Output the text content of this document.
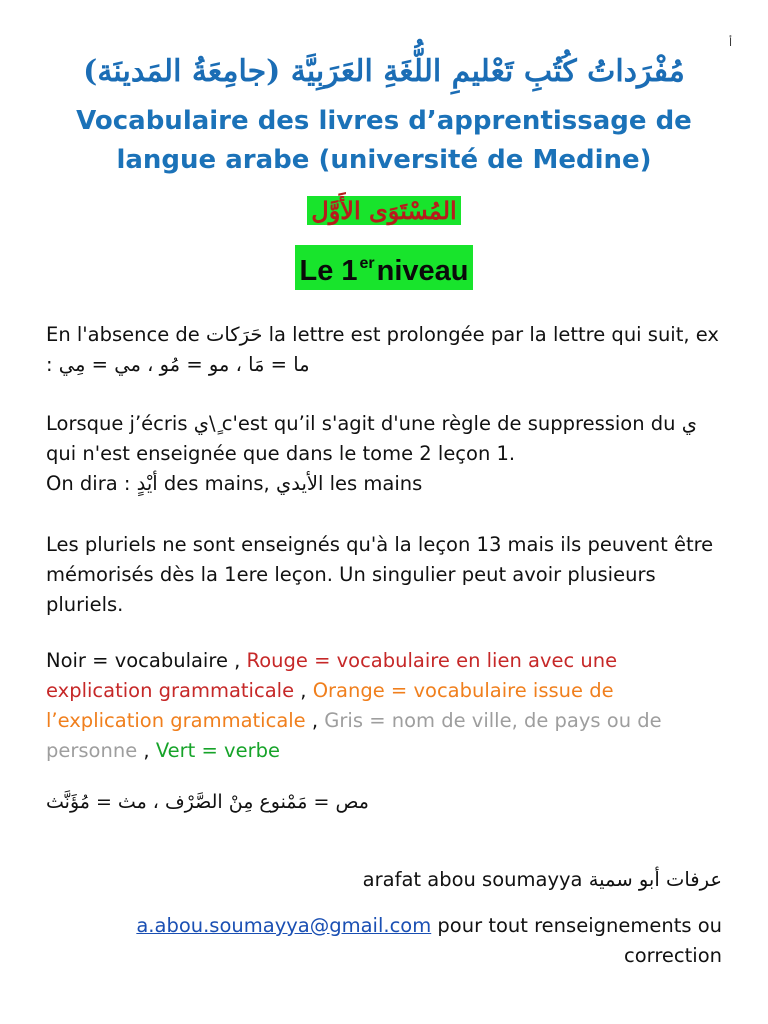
أ
مُفْرَداتُ كُتُبِ تَعْليمِ اللُّغَةِ العَرَبِيَّة (جامِعَةُ المَدينَة)
Vocabulaire des livres d’apprentissage de langue arabe (université de Medine)
المُسْتَوَى الأَوَّل
Le 1 $^{er}$niveau
En l'absence de حَرَكات la lettre est prolongée par la lettre qui suit, ex : ما = مَا ، مو = مُو ، مي = مِي
Lorsque j’écris ٍ\ي c'est qu’il s'agit d'une règle de suppression du ي qui n'est enseignée que dans le tome 2 leçon 1.
On dira : أيْدٍ des mains, الأيدي les mains
Les pluriels ne sont enseignés qu'à la leçon 13 mais ils peuvent être mémorisés dès la 1ere leçon. Un singulier peut avoir plusieurs pluriels.
Noir = vocabulaire , Rouge = vocabulaire en lien avec une explication grammaticale , Orange = vocabulaire issue de l’explication grammaticale , Gris = nom de ville, de pays ou de personne , Vert = verbe
مص = مَمْنوع مِنْ الصَّرْف ، مث = مُؤَنَّث
arafat abou soumayya عرفات أبو سمية
a.abou.soumayya@gmail.com pour tout renseignements ou correction
